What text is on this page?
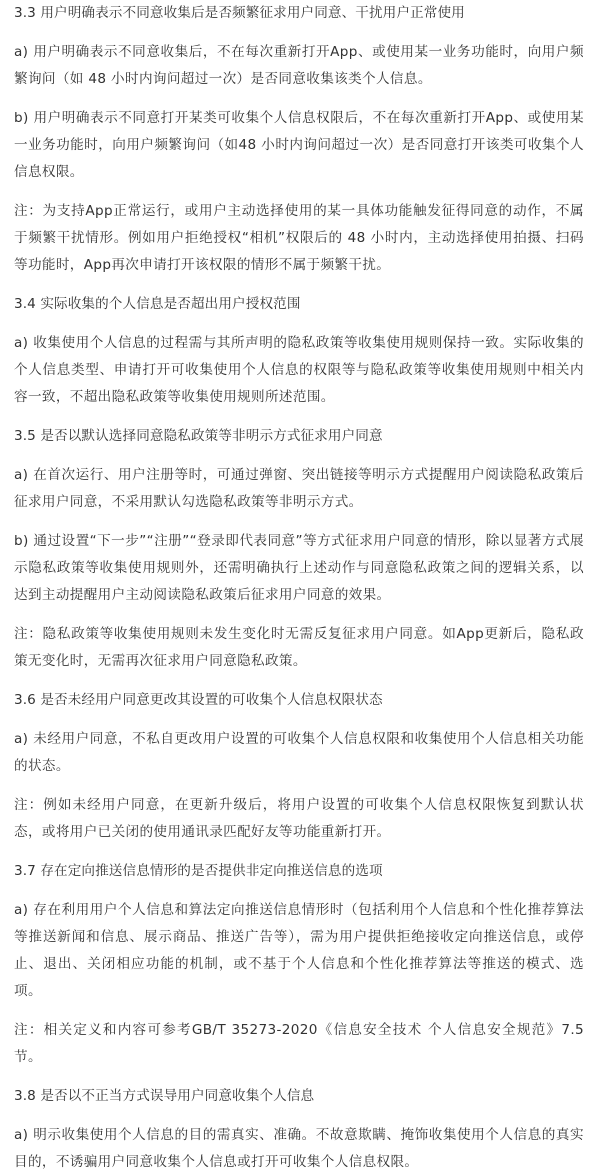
3.3 用户明确表示不同意收集后是否频繁征求用户同意、干扰用户正常使用

a) 用户明确表示不同意收集后，不在每次重新打开App、或使用某一业务功能时，向用户频繁询问（如 48 小时内询问超过一次）是否同意收集该类个人信息。

b) 用户明确表示不同意打开某类可收集个人信息权限后，不在每次重新打开App、或使用某一业务功能时，向用户频繁询问（如48 小时内询问超过一次）是否同意打开该类可收集个人信息权限。

注：为支持App正常运行，或用户主动选择使用的某一具体功能触发征得同意的动作，不属于频繁干扰情形。例如用户拒绝授权“相机”权限后的 48 小时内，主动选择使用拍摄、扫码等功能时，App再次申请打开该权限的情形不属于频繁干扰。

3.4 实际收集的个人信息是否超出用户授权范围

a) 收集使用个人信息的过程需与其所声明的隐私政策等收集使用规则保持一致。实际收集的个人信息类型、申请打开可收集使用个人信息的权限等与隐私政策等收集使用规则中相关内容一致，不超出隐私政策等收集使用规则所述范围。

3.5 是否以默认选择同意隐私政策等非明示方式征求用户同意

a) 在首次运行、用户注册等时，可通过弹窗、突出链接等明示方式提醒用户阅读隐私政策后征求用户同意，不采用默认勾选隐私政策等非明示方式。

b) 通过设置“下一步”“注册”“登录即代表同意”等方式征求用户同意的情形，除以显著方式展示隐私政策等收集使用规则外，还需明确执行上述动作与同意隐私政策之间的逻辑关系，以达到主动提醒用户主动阅读隐私政策后征求用户同意的效果。

注：隐私政策等收集使用规则未发生变化时无需反复征求用户同意。如App更新后，隐私政策无变化时，无需再次征求用户同意隐私政策。

3.6 是否未经用户同意更改其设置的可收集个人信息权限状态

a) 未经用户同意，不私自更改用户设置的可收集个人信息权限和收集使用个人信息相关功能的状态。

注：例如未经用户同意，在更新升级后，将用户设置的可收集个人信息权限恢复到默认状态，或将用户已关闭的使用通讯录匹配好友等功能重新打开。

3.7 存在定向推送信息情形的是否提供非定向推送信息的选项

a) 存在利用用户个人信息和算法定向推送信息情形时（包括利用个人信息和个性化推荐算法等推送新闻和信息、展示商品、推送广告等），需为用户提供拒绝接收定向推送信息，或停止、退出、关闭相应功能的机制，或不基于个人信息和个性化推荐算法等推送的模式、选项。

注：相关定义和内容可参考GB/T 35273-2020《信息安全技术 个人信息安全规范》7.5节。

3.8 是否以不正当方式误导用户同意收集个人信息

a) 明示收集使用个人信息的目的需真实、准确。不故意欺瞒、掩饰收集使用个人信息的真实目的，不诱骗用户同意收集个人信息或打开可收集个人信息权限。
